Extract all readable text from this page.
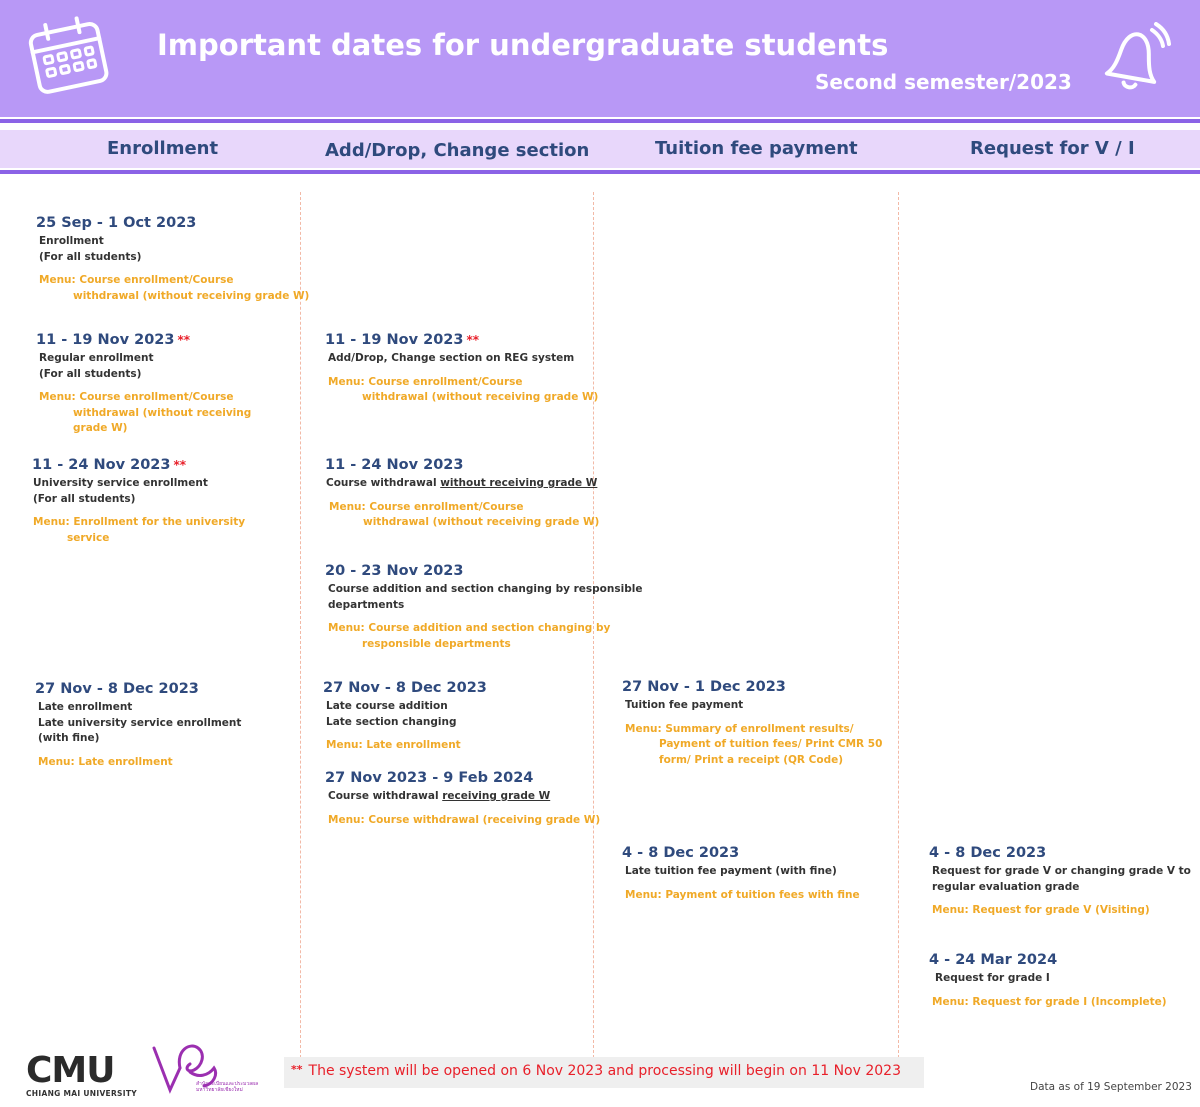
Important dates for undergraduate students
Second semester/2023
Enrollment	Add/Drop, Change section	Tuition fee payment	Request for V / I
25 Sep - 1 Oct 2023
Enrollment
(For all students)
Menu: Course enrollment/Course
withdrawal (without receiving grade W)
11 - 19 Nov 2023 **
Regular enrollment
(For all students)
Menu: Course enrollment/Course
withdrawal (without receiving
grade W)
11 - 24 Nov 2023 **
University service enrollment
(For all students)
Menu: Enrollment for the university
service
27 Nov - 8 Dec 2023
Late enrollment
Late university service enrollment
(with fine)
Menu: Late enrollment
11 - 19 Nov 2023 **
Add/Drop, Change section on REG system
Menu: Course enrollment/Course
withdrawal (without receiving grade W)
11 - 24 Nov 2023
Course withdrawal without receiving grade W
Menu: Course enrollment/Course
withdrawal (without receiving grade W)
20 - 23 Nov 2023
Course addition and section changing by responsible
departments
Menu: Course addition and section changing by
responsible departments
27 Nov - 8 Dec 2023
Late course addition
Late section changing
Menu: Late enrollment
27 Nov 2023 - 9 Feb 2024
Course withdrawal receiving grade W
Menu: Course withdrawal (receiving grade W)
27 Nov - 1 Dec 2023
Tuition fee payment
Menu: Summary of enrollment results/
Payment of tuition fees/ Print CMR 50
form/ Print a receipt (QR Code)
4 - 8 Dec 2023
Late tuition fee payment (with fine)
Menu: Payment of tuition fees with fine
4 - 8 Dec 2023
Request for grade V or changing grade V to
regular evaluation grade
Menu: Request for grade V (Visiting)
4 - 24 Mar 2024
Request for grade I
Menu: Request for grade I (Incomplete)
** The system will be opened on 6 Nov 2023 and processing will begin on 11 Nov 2023
Data as of 19 September 2023
CMU
CHIANG MAI UNIVERSITY
สำนักทะเบียนและประมวลผล
มหาวิทยาลัยเชียงใหม่
